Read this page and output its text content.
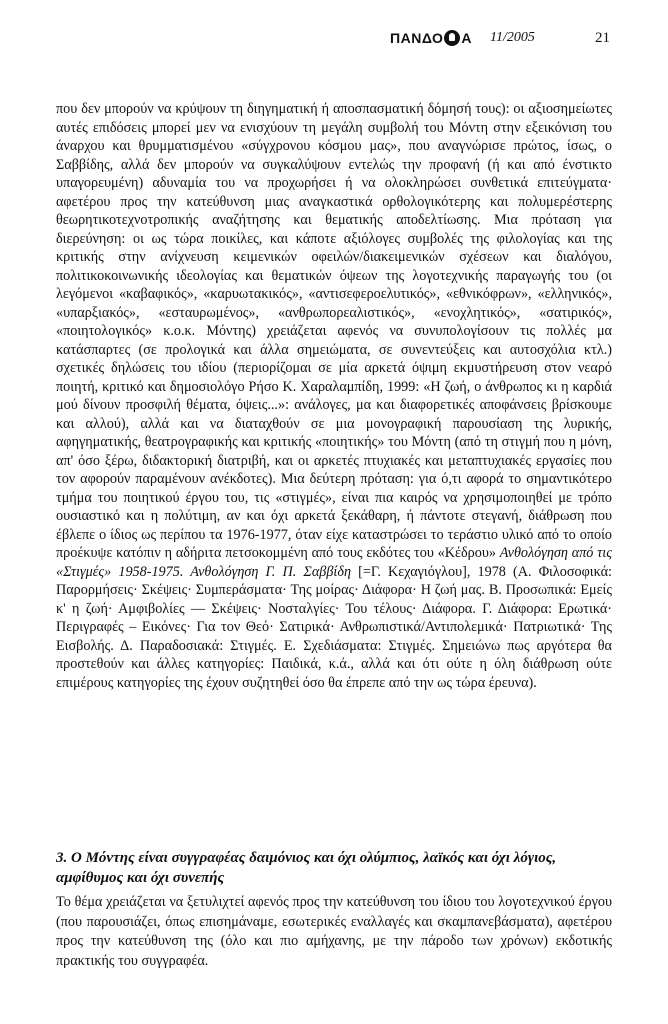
ΠΑΝΔΟ Α 11/2005	21

που δεν μπορούν να κρύψουν τη διηγηματική ή αποσπασματική δόμησή τους): οι αξιοσημείωτες αυτές επιδόσεις μπορεί μεν να ενισχύουν τη μεγάλη συμβολή του Μόντη στην εξεικόνιση του άναρχου και θρυμματισμένου «σύγχρονου κόσμου μας», που αναγνώρισε πρώτος, ίσως, ο Σαββίδης, αλλά δεν μπορούν να συγκαλύψουν εντελώς την προφανή (ή και από ένστικτο υπαγορευμένη) αδυναμία του να προχωρήσει ή να ολοκληρώσει συνθετικά επιτεύγματα· αφετέρου προς την κατεύθυνση μιας αναγκαστικά ορθολογικότερης και πολυμερέστερης θεωρητικοτεχνοτροπικής αναζήτησης και θεματικής αποδελτίωσης. Μια πρόταση για διερεύνηση: οι ως τώρα ποικίλες, και κάποτε αξιόλογες συμβολές της φιλολογίας και της κριτικής στην ανίχνευση κειμενικών οφειλών/διακειμενικών σχέσεων και διαλόγου, πολιτικοκοινωνικής ιδεολογίας και θεματικών όψεων της λογοτεχνικής παραγωγής του (οι λεγόμενοι «καβαφικός», «καρυωτακικός», «αντισεφεροελυτικός», «εθνικόφρων», «ελληνικός», «υπαρξιακός», «εσταυρωμένος», «ανθρωπορεαλιστικός», «ενοχλητικός», «σατιρικός», «ποιητολογικός» κ.ο.κ. Μόντης) χρειάζεται αφενός να συνυπολογίσουν τις πολλές μα κατάσπαρτες (σε προλογικά και άλλα σημειώματα, σε συνεντεύξεις και αυτοσχόλια κτλ.) σχετικές δηλώσεις του ιδίου (περιορίζομαι σε μία αρκετά όψιμη εκμυστήρευση στον νεαρό ποιητή, κριτικό και δημοσιολόγο Ρήσο Κ. Χαραλαμπίδη, 1999: «Η ζωή, ο άνθρωπος κι η καρδιά μού δίνουν προσφιλή θέματα, όψεις...»: ανάλογες, μα και διαφορετικές αποφάνσεις βρίσκουμε και αλλού), αλλά και να διαταχθούν σε μια μονογραφική παρουσίαση της λυρικής, αφηγηματικής, θεατρογραφικής και κριτικής «ποιητικής» του Μόντη (από τη στιγμή που η μόνη, απ' όσο ξέρω, διδακτορική διατριβή, και οι αρκετές πτυχιακές και μεταπτυχιακές εργασίες που τον αφορούν παραμένουν ανέκδοτες). Μια δεύτερη πρόταση: για ό,τι αφορά το σημαντικότερο τμήμα του ποιητικού έργου του, τις «στιγμές», είναι πια καιρός να χρησιμοποιηθεί με τρόπο ουσιαστικό και η πολύτιμη, αν και όχι αρκετά ξεκάθαρη, ή πάντοτε στεγανή, διάθρωση που έβλεπε ο ίδιος ως περίπου τα 1976-1977, όταν είχε καταστρώσει το τεράστιο υλικό από το οποίο προέκυψε κατόπιν η αδήριτα πετσοκομμένη από τους εκδότες του «Κέδρου» Ανθολόγηση από τις «Στιγμές» 1958-1975. Ανθολόγηση Γ. Π. Σαββίδη [=Γ. Κεχαγιόγλου], 1978 (Α. Φιλοσοφικά: Παρορμήσεις· Σκέψεις· Συμπεράσματα· Της μοίρας· Διάφορα· Η ζωή μας. Β. Προσωπικά: Εμείς κ' η ζωή· Αμφιβολίες — Σκέψεις· Νοσταλγίες· Του τέλους· Διάφορα. Γ. Διάφορα: Ερωτικά· Περιγραφές – Εικόνες· Για τον Θεό· Σατιρικά· Ανθρωπιστικά/Αντιπολεμικά· Πατριωτικά· Της Εισβολής. Δ. Παραδοσιακά: Στιγμές. Ε. Σχεδιάσματα: Στιγμές. Σημειώνω πως αργότερα θα προστεθούν και άλλες κατηγορίες: Παιδικά, κ.ά., αλλά και ότι ούτε η όλη διάθρωση ούτε επιμέρους κατηγορίες της έχουν συζητηθεί όσο θα έπρεπε από την ως τώρα έρευνα).

3. Ο Μόντης είναι συγγραφέας δαιμόνιος και όχι ολύμπιος, λαϊκός και όχι λόγιος, αμφίθυμος και όχι συνεπής

Το θέμα χρειάζεται να ξετυλιχτεί αφενός προς την κατεύθυνση του ίδιου του λογοτεχνικού έργου (που παρουσιάζει, όπως επισημάναμε, εσωτερικές εναλλαγές και σκαμπανεβάσματα), αφετέρου προς την κατεύθυνση της (όλο και πιο αμήχανης, με την πάροδο των χρόνων) εκδοτικής πρακτικής του συγγραφέα.
